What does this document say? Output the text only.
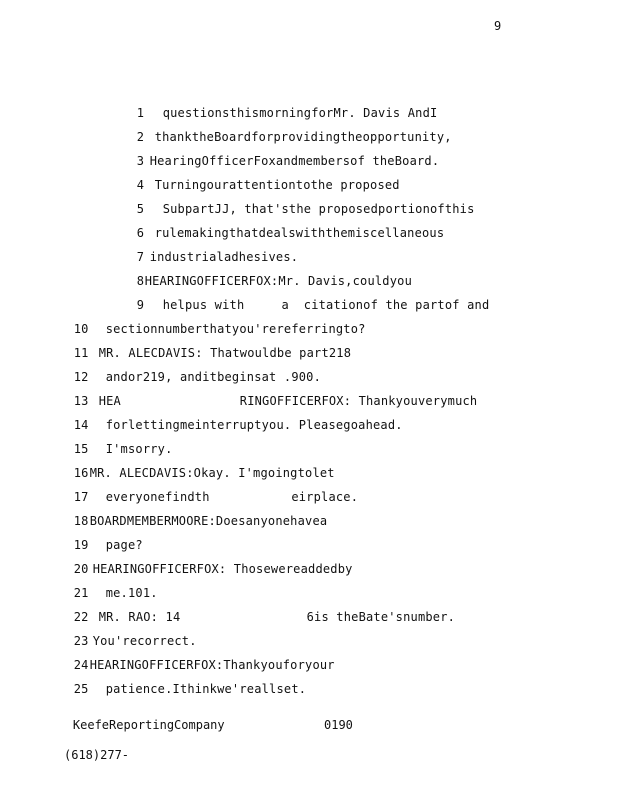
9

1 questionsthismorningforMr. Davis AndI

2 thanktheBoardforprovidingtheopportunity,

3 HearingOfficerFoxandmembersof theBoard.

4 Turningourattentiontothe proposed

5 SubpartJJ, that'sthe proposedportionofthis

6 rulemakingthatdealswiththemiscellaneous

7 industrialadhesives.

8HEARINGOFFICERFOX:Mr. Davis,couldyou

9 helpus with     a  citationof the partof and

10 sectionnumberthatyou'rereferringto?

11 MR. ALECDAVIS: Thatwouldbe part218

12 andor219, anditbeginsat .900.

13 HEA                RINGOFFICERFOX: Thankyouverymuch

14 forlettingmeinterruptyou. Pleasegoahead.

15 I'msorry.

16MR. ALECDAVIS:Okay. I'mgoingtolet

17 everyonefindth           eirplace.

18BOARDMEMBERMOORE:Doesanyonehavea

19 page?

20 HEARINGOFFICERFOX: Thosewereaddedby

21 me.101.

22 MR. RAO: 14                 6is theBate'snumber.

23 You'recorrect.

24HEARINGOFFICERFOX:Thankyouforyour

25 patience.Ithinkwe'reallset.

KeefeReportingCompany

(618)277-

0190
